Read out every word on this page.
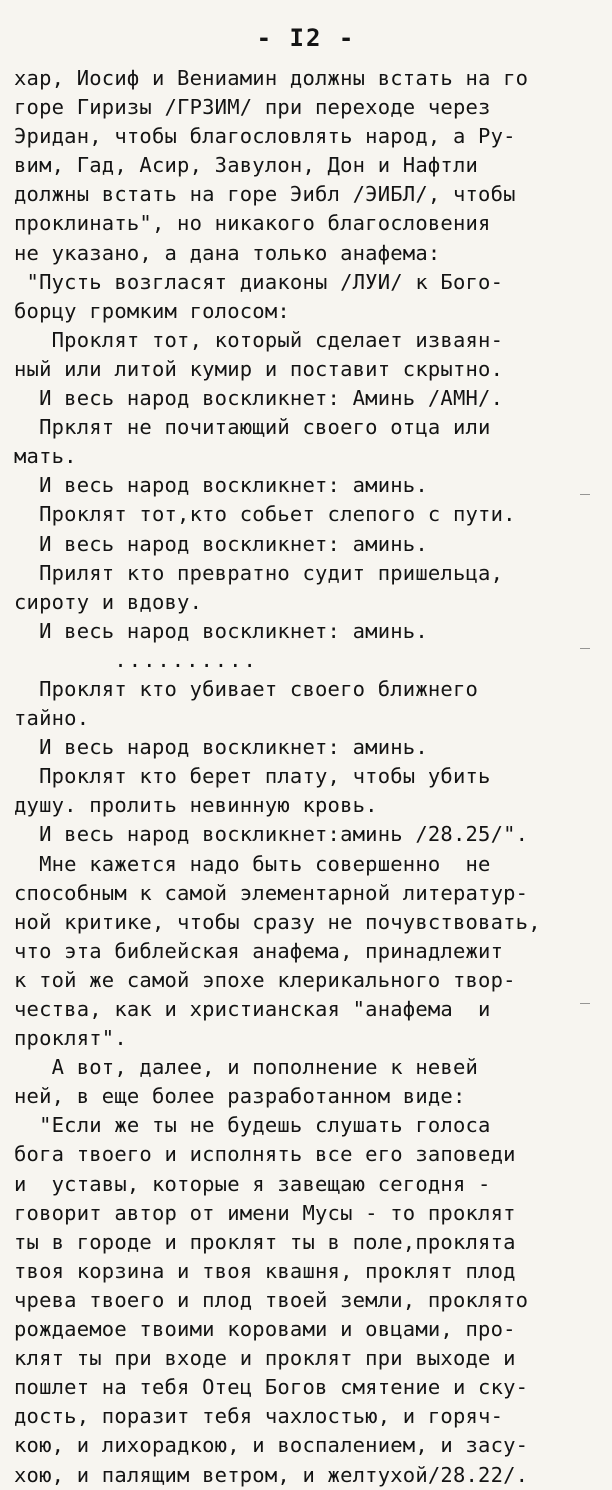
- I2 -
хар, Иосиф и Вениамин должны встать на го
горе Гиризы /ГРЗИМ/ при переходе через
Эридан, чтобы благословлять народ, а Ру-
вим, Гад, Асир, Завулон, Дон и Нафтли
должны встать на горе Эибл /ЭИБЛ/, чтобы
проклинать", но никакого благословения
не указано, а дана только анафема:
"Пусть возгласят диаконы /ЛУИ/ к Бого-
борцу громким голосом:
Проклят тот, который сделает изваян-
ный или литой кумир и поставит скрытно.
И весь народ воскликнет: Аминь /АМН/.
Прклят не почитающий своего отца или
мать.
И весь народ воскликнет: аминь.
Проклят тот,кто собьет слепого с пути.
И весь народ воскликнет: аминь.
Прилят кто превратно судит пришельца,
сироту и вдову.
И весь народ воскликнет: аминь.
..........
Проклят кто убивает своего ближнего
тайно.
И весь народ воскликнет: аминь.
Проклят кто берет плату, чтобы убить
душу. пролить невинную кровь.
И весь народ воскликнет:аминь /28.25/".
Мне кажется надо быть совершенно  не
способным к самой элементарной литератур-
ной критике, чтобы сразу не почувствовать,
что эта библейская анафема, принадлежит
к той же самой эпохе клерикального твор-
чества, как и христианская "анафема  и
проклят".
А вот, далее, и пополнение к невей
ней, в еще более разработанном виде:
"Если же ты не будешь слушать голоса
бога твоего и исполнять все его заповеди
и  уставы, которые я завещаю сегодня -
говорит автор от имени Мусы - то проклят
ты в городе и проклят ты в поле,проклята
твоя корзина и твоя квашня, проклят плод
чрева твоего и плод твоей земли, проклято
рождаемое твоими коровами и овцами, про-
клят ты при входе и проклят при выходе и
пошлет на тебя Отец Богов смятение и ску-
дость, поразит тебя чахлостью, и горяч-
кою, и лихорадкою, и воспалением, и засу-
хою, и палящим ветром, и желтухой/28.22/.
